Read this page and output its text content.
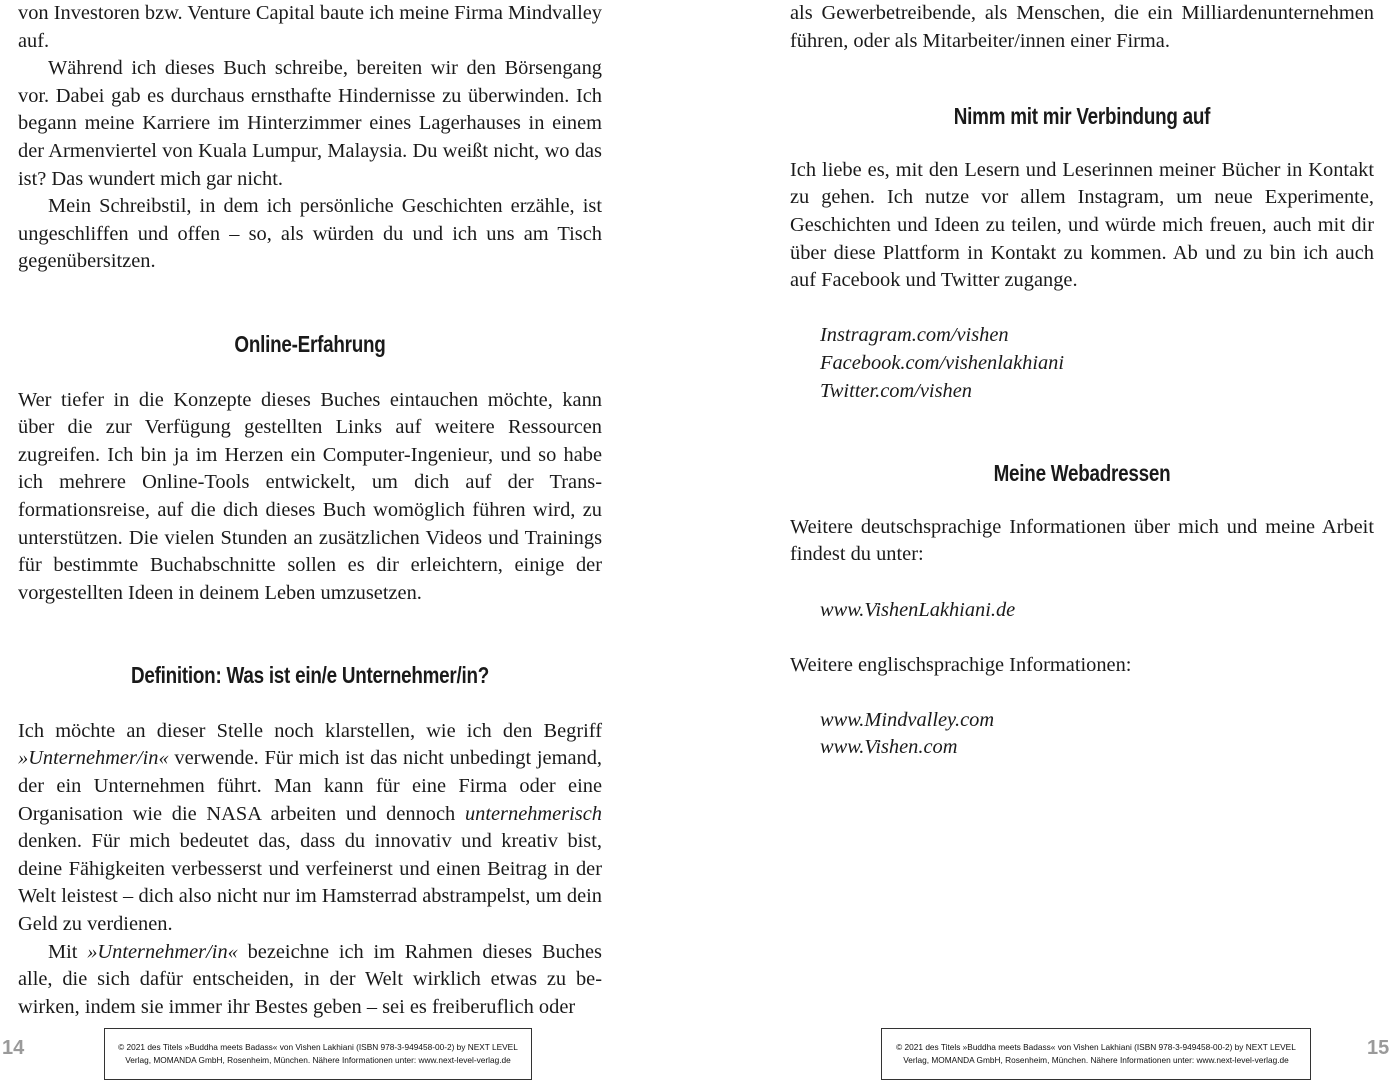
von Investoren bzw. Venture Capital baute ich meine Firma Mindvalley auf.

Während ich dieses Buch schreibe, bereiten wir den Börsengang vor. Dabei gab es durchaus ernsthafte Hindernisse zu überwinden. Ich begann meine Karriere im Hinterzimmer eines Lagerhauses in einem der Armenviertel von Kuala Lumpur, Malaysia. Du weißt nicht, wo das ist? Das wundert mich gar nicht.

Mein Schreibstil, in dem ich persönliche Geschichten erzähle, ist ungeschliffen und offen – so, als würden du und ich uns am Tisch gegenübersitzen.

Online-Erfahrung

Wer tiefer in die Konzepte dieses Buches eintauchen möchte, kann über die zur Verfügung gestellten Links auf weitere Ressourcen zugreifen. Ich bin ja im Herzen ein Computer-Ingenieur, und so habe ich mehrere Online-Tools entwickelt, um dich auf der Transformationsreise, auf die dich dieses Buch womöglich führen wird, zu unterstützen. Die vielen Stunden an zusätzlichen Videos und Trainings für bestimmte Buchabschnitte sollen es dir erleichtern, einige der vorgestellten Ideen in deinem Leben umzusetzen.

Definition: Was ist ein/e Unternehmer/in?

Ich möchte an dieser Stelle noch klarstellen, wie ich den Begriff »Unternehmer/in« verwende. Für mich ist das nicht unbedingt jemand, der ein Unternehmen führt. Man kann für eine Firma oder eine Organisation wie die NASA arbeiten und dennoch unternehmerisch denken. Für mich bedeutet das, dass du innovativ und kreativ bist, deine Fähigkeiten verbesserst und verfeinerst und einen Beitrag in der Welt leistest – dich also nicht nur im Hamsterrad abstrampelst, um dein Geld zu verdienen.

Mit »Unternehmer/in« bezeichne ich im Rahmen dieses Buches alle, die sich dafür entscheiden, in der Welt wirklich etwas zu bewirken, indem sie immer ihr Bestes geben – sei es freiberuflich oder

14	© 2021 des Titels »Buddha meets Badass« von Vishen Lakhiani (ISBN 978-3-949458-00-2) by NEXT LEVEL Verlag, MOMANDA GmbH, Rosenheim, München. Nähere Informationen unter: www.next-level-verlag.de

als Gewerbetreibende, als Menschen, die ein Milliardenunternehmen führen, oder als Mitarbeiter/innen einer Firma.

Nimm mit mir Verbindung auf

Ich liebe es, mit den Lesern und Leserinnen meiner Bücher in Kontakt zu gehen. Ich nutze vor allem Instagram, um neue Experimente, Geschichten und Ideen zu teilen, und würde mich freuen, auch mit dir über diese Plattform in Kontakt zu kommen. Ab und zu bin ich auch auf Facebook und Twitter zugange.

Instragram.com/vishen
Facebook.com/vishenlakhiani
Twitter.com/vishen
Meine Webadressen

Weitere deutschsprachige Informationen über mich und meine Arbeit findest du unter:

www.VishenLakhiani.de

Weitere englischsprachige Informationen:

www.Mindvalley.com
www.Vishen.com
© 2021 des Titels »Buddha meets Badass« von Vishen Lakhiani (ISBN 978-3-949458-00-2) by NEXT LEVEL Verlag, MOMANDA GmbH, Rosenheim, München. Nähere Informationen unter: www.next-level-verlag.de
15
